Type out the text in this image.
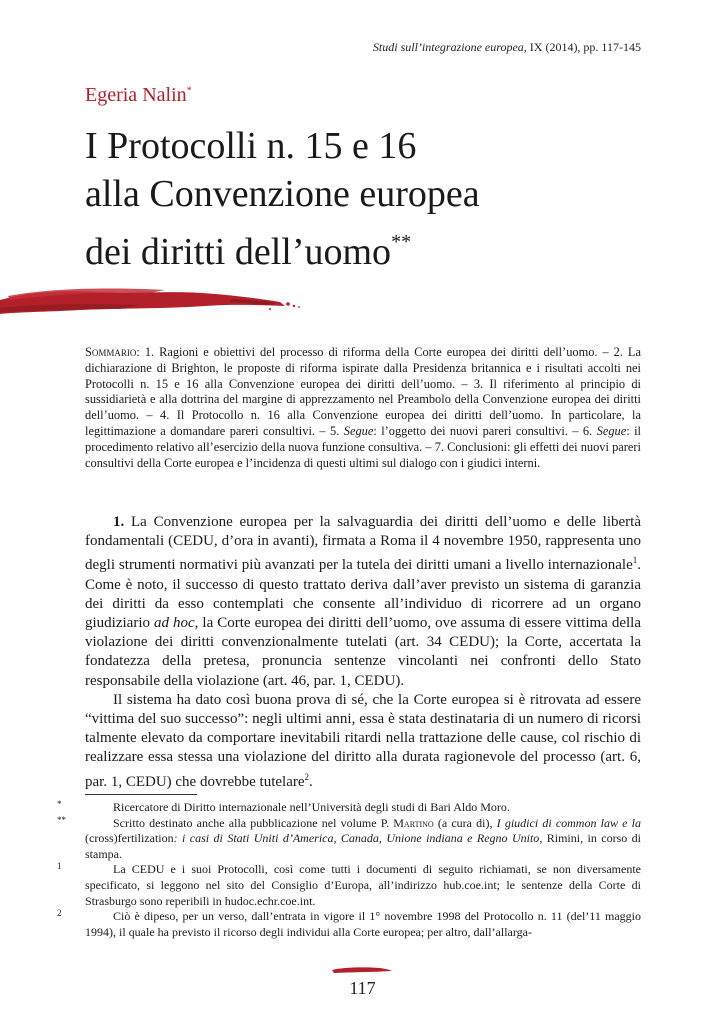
Studi sull’integrazione europea, IX (2014), pp. 117-145
Egeria Nalin*
I Protocolli n. 15 e 16
alla Convenzione europea
dei diritti dell’uomo**

Sommario: 1. Ragioni e obiettivi del processo di riforma della Corte europea dei diritti dell’uomo. – 2. La dichiarazione di Brighton, le proposte di riforma ispirate dalla Presidenza britannica e i risultati accolti nei Protocolli n. 15 e 16 alla Convenzione europea dei diritti dell’uomo. – 3. Il riferimento al principio di sussidiarietà e alla dottrina del margine di apprezzamento nel Preambolo della Convenzione europea dei diritti dell’uomo. – 4. Il Protocollo n. 16 alla Convenzione europea dei diritti dell’uomo. In particolare, la legittimazione a domandare pareri consultivi. – 5. Segue: l’oggetto dei nuovi pareri consultivi. – 6. Segue: il procedimento relativo all’esercizio della nuova funzione consultiva. – 7. Conclusioni: gli effetti dei nuovi pareri consultivi della Corte europea e l’incidenza di questi ultimi sul dialogo con i giudici interni.

1. La Convenzione europea per la salvaguardia dei diritti dell’uomo e delle libertà fondamentali (CEDU, d’ora in avanti), firmata a Roma il 4 novembre 1950, rappresenta uno degli strumenti normativi più avanzati per la tutela dei diritti umani a livello internazionale$^1$. Come è noto, il successo di questo trattato deriva dall’aver previsto un sistema di garanzia dei diritti da esso contemplati che consente all’individuo di ricorrere ad un organo giudiziario ad hoc, la Corte europea dei diritti dell’uomo, ove assuma di essere vittima della violazione dei diritti convenzionalmente tutelati (art. 34 CEDU); la Corte, accertata la fondatezza della pretesa, pronuncia sentenze vincolanti nei confronti dello Stato responsabile della violazione (art. 46, par. 1, CEDU).

Il sistema ha dato così buona prova di sé, che la Corte europea si è ritrovata ad essere “vittima del suo successo”: negli ultimi anni, essa è stata destinataria di un numero di ricorsi talmente elevato da comportare inevitabili ritardi nella trattazione delle cause, col rischio di realizzare essa stessa una violazione del diritto alla durata ragionevole del processo (art. 6, par. 1, CEDU) che dovrebbe tutelare$^2$.

*	Ricercatore di Diritto internazionale nell’Università degli studi di Bari Aldo Moro.

**	Scritto destinato anche alla pubblicazione nel volume P. Martino (a cura di), I giudici di common law e la (cross)fertilization: i casi di Stati Uniti d’America, Canada, Unione indiana e Regno Unito, Rimini, in corso di stampa.

1	La CEDU e i suoi Protocolli, così come tutti i documenti di seguito richiamati, se non diversamente specificato, si leggono nel sito del Consiglio d’Europa, all’indirizzo hub.coe.int; le sentenze della Corte di Strasburgo sono reperibili in hudoc.echr.coe.int.

2	Ciò è dipeso, per un verso, dall’entrata in vigore il 1° novembre 1998 del Protocollo n. 11 (del’11 maggio 1994), il quale ha previsto il ricorso degli individui alla Corte europea; per altro, dall’allarga-

117
